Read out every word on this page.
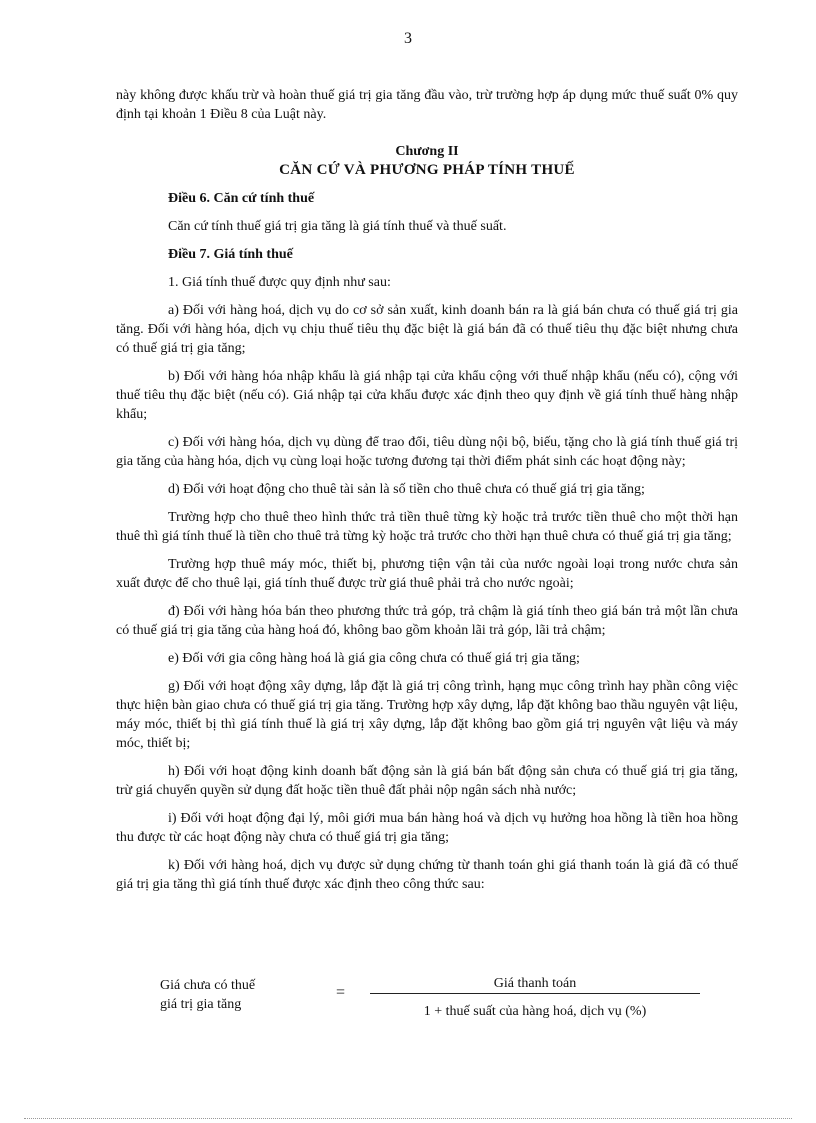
3

này không được khấu trừ và hoàn thuế giá trị gia tăng đầu vào, trừ trường hợp áp dụng mức thuế suất 0% quy định tại khoản 1 Điều 8 của Luật này.

Chương II

CĂN CỨ VÀ PHƯƠNG PHÁP TÍNH THUẾ

Điều 6. Căn cứ tính thuế

Căn cứ tính thuế giá trị gia tăng là giá tính thuế và thuế suất.

Điều 7. Giá tính thuế

1. Giá tính thuế được quy định như sau:

a) Đối với hàng hoá, dịch vụ do cơ sở sản xuất, kinh doanh bán ra là giá bán chưa có thuế giá trị gia tăng. Đối với hàng hóa, dịch vụ chịu thuế tiêu thụ đặc biệt là giá bán đã có thuế tiêu thụ đặc biệt nhưng chưa có thuế giá trị gia tăng;

b) Đối với hàng hóa nhập khẩu là giá nhập tại cửa khẩu cộng với thuế nhập khẩu (nếu có), cộng với thuế tiêu thụ đặc biệt (nếu có). Giá nhập tại cửa khẩu được xác định theo quy định về giá tính thuế hàng nhập khẩu;

c) Đối với hàng hóa, dịch vụ dùng để trao đổi, tiêu dùng nội bộ, biếu, tặng cho là giá tính thuế giá trị gia tăng của hàng hóa, dịch vụ cùng loại hoặc tương đương tại thời điểm phát sinh các hoạt động này;

d) Đối với hoạt động cho thuê tài sản là số tiền cho thuê chưa có thuế giá trị gia tăng;

Trường hợp cho thuê theo hình thức trả tiền thuê từng kỳ hoặc trả trước tiền thuê cho một thời hạn thuê thì giá tính thuế là tiền cho thuê trả từng kỳ hoặc trả trước cho thời hạn thuê chưa có thuế giá trị gia tăng;

Trường hợp thuê máy móc, thiết bị, phương tiện vận tải của nước ngoài loại trong nước chưa sản xuất được để cho thuê lại, giá tính thuế được trừ giá thuê phải trả cho nước ngoài;

đ) Đối với hàng hóa bán theo phương thức trả góp, trả chậm là giá tính theo giá bán trả một lần chưa có thuế giá trị gia tăng của hàng hoá đó, không bao gồm khoản lãi trả góp, lãi trả chậm;

e) Đối với gia công hàng hoá là giá gia công chưa có thuế giá trị gia tăng;

g) Đối với hoạt động xây dựng, lắp đặt là giá trị công trình, hạng mục công trình hay phần công việc thực hiện bàn giao chưa có thuế giá trị gia tăng. Trường hợp xây dựng, lắp đặt không bao thầu nguyên vật liệu, máy móc, thiết bị thì giá tính thuế là giá trị xây dựng, lắp đặt không bao gồm giá trị nguyên vật liệu và máy móc, thiết bị;

h) Đối với hoạt động kinh doanh bất động sản là giá bán bất động sản chưa có thuế giá trị gia tăng, trừ giá chuyển quyền sử dụng đất hoặc tiền thuê đất phải nộp ngân sách nhà nước;

i) Đối với hoạt động đại lý, môi giới mua bán hàng hoá và dịch vụ hưởng hoa hồng là tiền hoa hồng thu được từ các hoạt động này chưa có thuế giá trị gia tăng;

k) Đối với hàng hoá, dịch vụ được sử dụng chứng từ thanh toán ghi giá thanh toán là giá đã có thuế giá trị gia tăng thì giá tính thuế được xác định theo công thức sau:

Giá chưa có thuế
giá trị gia tăng
=
Giá thanh toán
1 + thuế suất của hàng hoá, dịch vụ (%)
